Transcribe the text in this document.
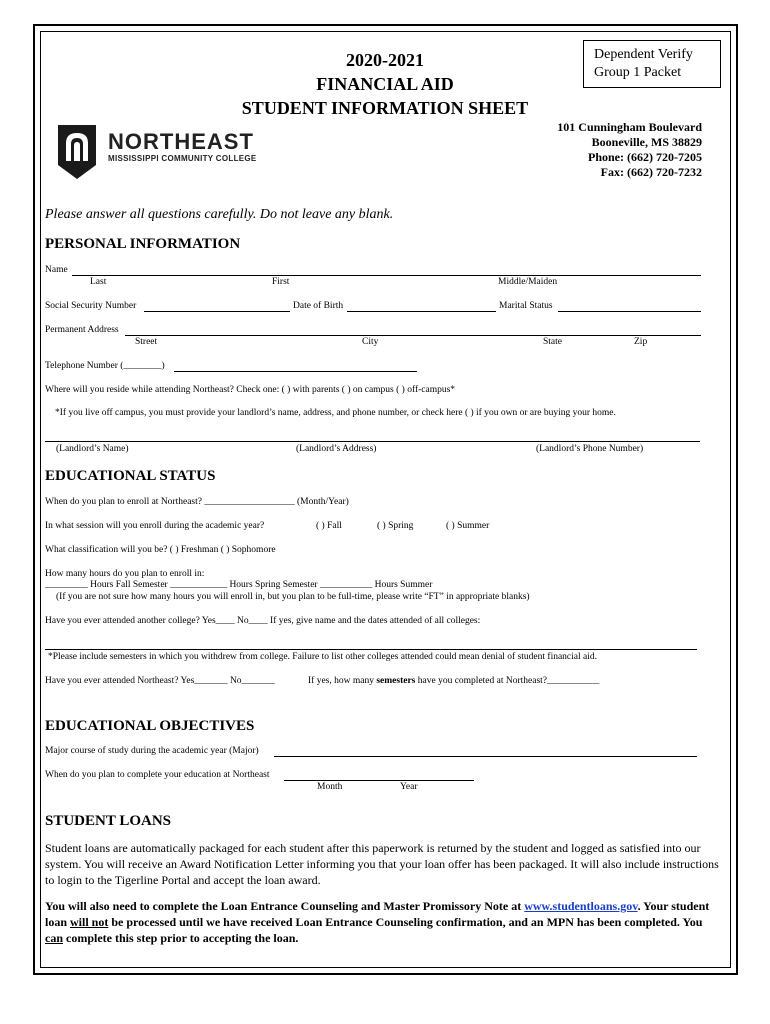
2020-2021
FINANCIAL AID
STUDENT INFORMATION SHEET
Dependent Verify
Group 1 Packet
NORTHEAST
MISSISSIPPI COMMUNITY COLLEGE
101 Cunningham Boulevard
Booneville, MS 38829
Phone: (662) 720-7205
Fax: (662) 720-7232
Please answer all questions carefully. Do not leave any blank.
PERSONAL INFORMATION
Name
Last	First	Middle/Maiden
Social Security Number	Date of Birth	Marital Status
Permanent Address
Street	City	State	Zip
Telephone Number (________)
Where will you reside while attending Northeast? Check one: ( ) with parents ( ) on campus ( ) off-campus*
*If you live off campus, you must provide your landlord’s name, address, and phone number, or check here ( ) if you own or are buying your home.
(Landlord’s Name)	(Landlord’s Address)	(Landlord’s Phone Number)
EDUCATIONAL STATUS
When do you plan to enroll at Northeast? ___________________ (Month/Year)
In what session will you enroll during the academic year?	( ) Fall	( ) Spring	( ) Summer
What classification will you be? ( ) Freshman ( ) Sophomore
How many hours do you plan to enroll in:
_________ Hours Fall Semester ____________ Hours Spring Semester ___________ Hours Summer
(If you are not sure how many hours you will enroll in, but you plan to be full-time, please write “FT” in appropriate blanks)
Have you ever attended another college? Yes____ No____ If yes, give name and the dates attended of all colleges:
*Please include semesters in which you withdrew from college. Failure to list other colleges attended could mean denial of student financial aid.
Have you ever attended Northeast? Yes_______ No_______	If yes, how many semesters have you completed at Northeast?___________
EDUCATIONAL OBJECTIVES
Major course of study during the academic year (Major)
When do you plan to complete your education at Northeast
Month	Year
STUDENT LOANS
Student loans are automatically packaged for each student after this paperwork is returned by the student and logged as satisfied into our system. You will receive an Award Notification Letter informing you that your loan offer has been packaged. It will also include instructions to login to the Tigerline Portal and accept the loan award.
You will also need to complete the Loan Entrance Counseling and Master Promissory Note at www.studentloans.gov. Your student loan will not be processed until we have received Loan Entrance Counseling confirmation, and an MPN has been completed. You can complete this step prior to accepting the loan.
